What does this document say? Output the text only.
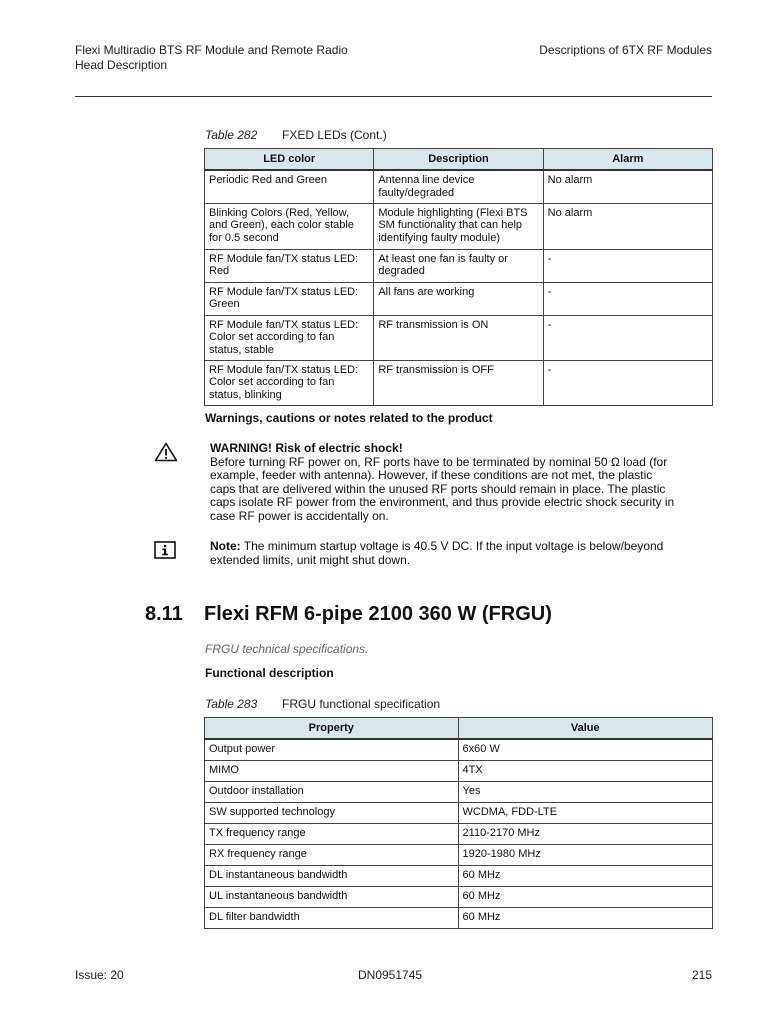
Flexi Multiradio BTS RF Module and Remote Radio
Head Description
Descriptions of 6TX RF Modules
Table 282 FXED LEDs (Cont.)
LED color	Description	Alarm
Periodic Red and Green	Antenna line device faulty/degraded	No alarm
Blinking Colors (Red, Yellow, and Green), each color stable for 0.5 second	Module highlighting (Flexi BTS SM functionality that can help identifying faulty module)	No alarm
RF Module fan/TX status LED: Red	At least one fan is faulty or degraded	-
RF Module fan/TX status LED: Green	All fans are working	-
RF Module fan/TX status LED: Color set according to fan status, stable	RF transmission is ON	-
RF Module fan/TX status LED: Color set according to fan status, blinking	RF transmission is OFF	-
Warnings, cautions or notes related to the product
WARNING! Risk of electric shock!
Before turning RF power on, RF ports have to be terminated by nominal 50 Ω load (for
example, feeder with antenna). However, if these conditions are not met, the plastic
caps that are delivered within the unused RF ports should remain in place. The plastic
caps isolate RF power from the environment, and thus provide electric shock security in
case RF power is accidentally on.
Note: The minimum startup voltage is 40.5 V DC. If the input voltage is below/beyond
extended limits, unit might shut down.
8.11 Flexi RFM 6-pipe 2100 360 W (FRGU)
FRGU technical specifications.
Functional description
Table 283 FRGU functional specification
Property	Value
Output power	6x60 W
MIMO	4TX
Outdoor installation	Yes
SW supported technology	WCDMA, FDD-LTE
TX frequency range	2110-2170 MHz
RX frequency range	1920-1980 MHz
DL instantaneous bandwidth	60 MHz
UL instantaneous bandwidth	60 MHz
DL filter bandwidth	60 MHz
Issue: 20	DN0951745	215
